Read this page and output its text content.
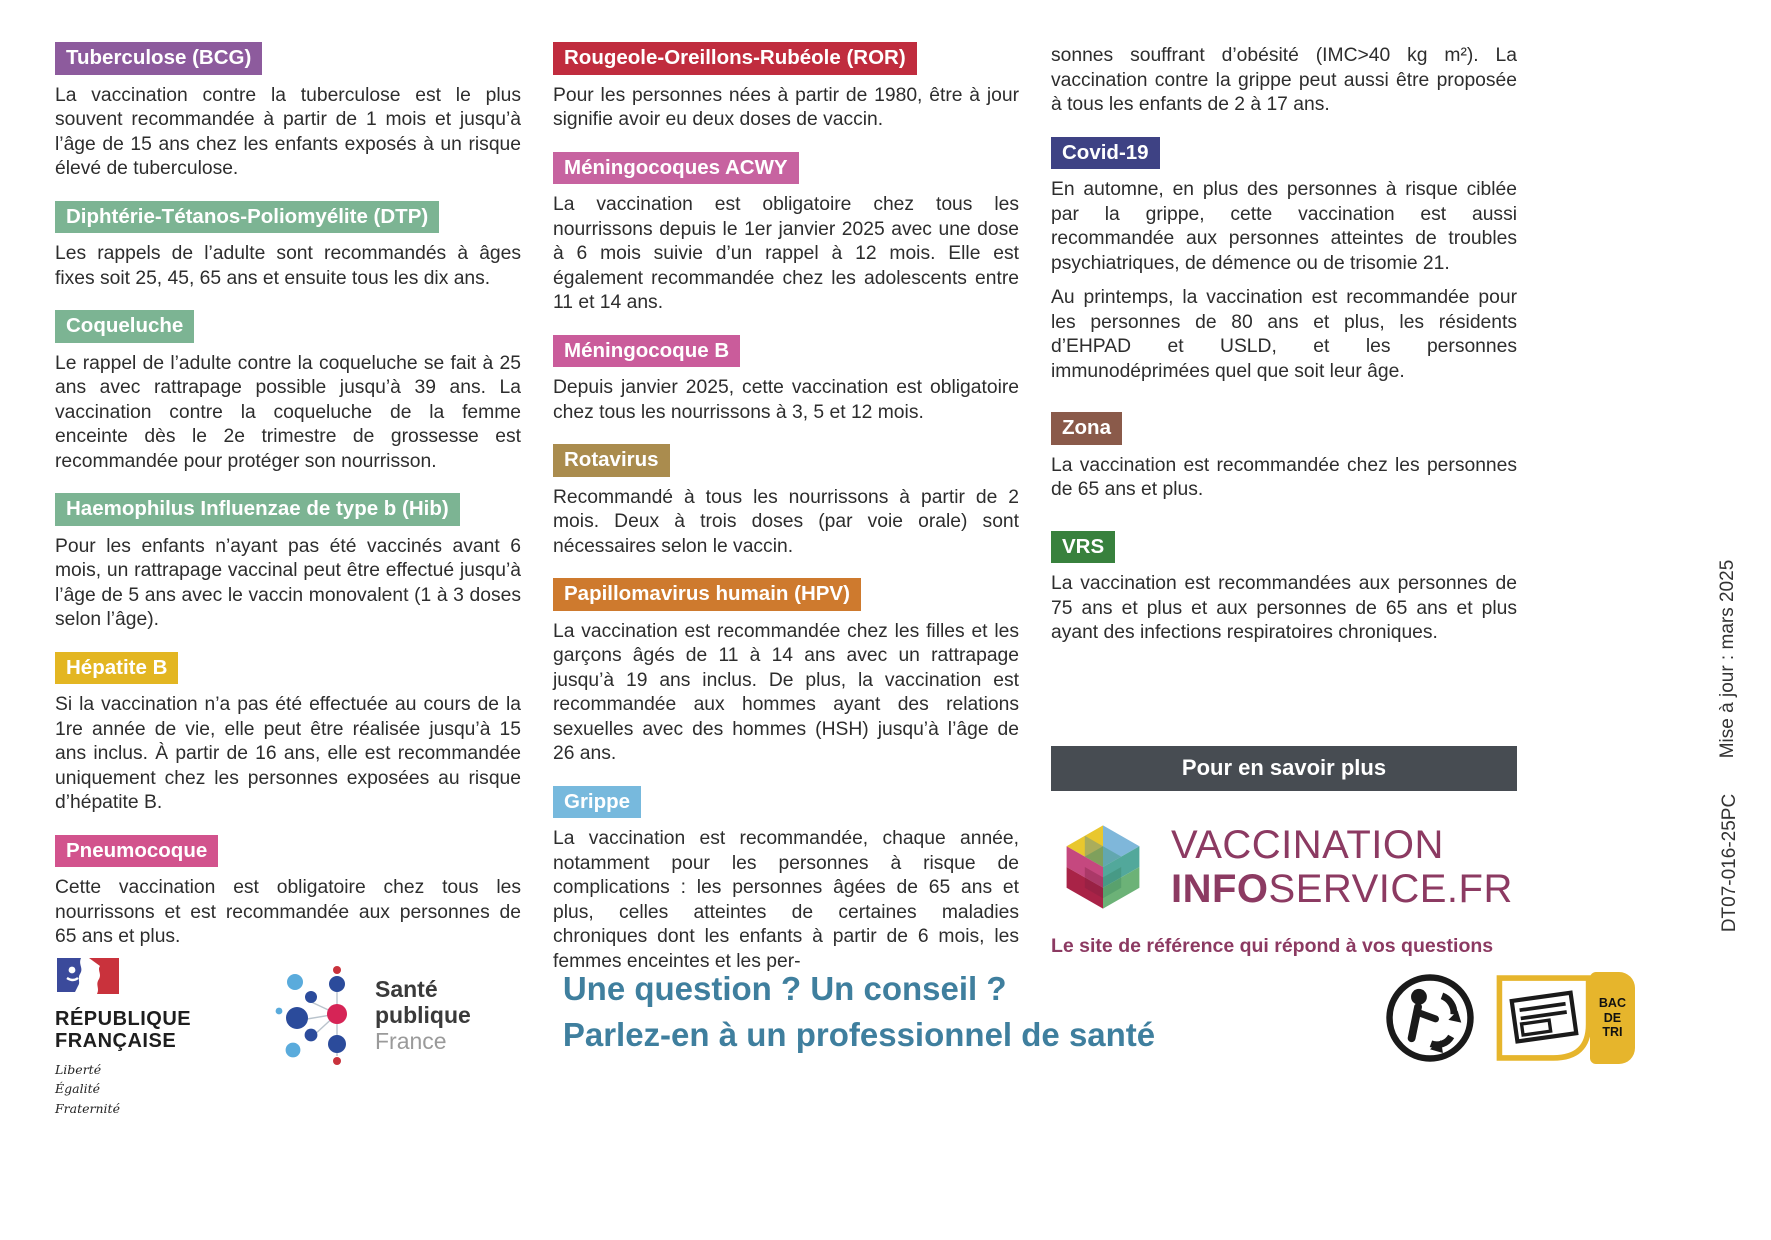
Tuberculose (BCG)

La vaccination contre la tuberculose est le plus souvent recommandée à partir de 1 mois et jusqu’à l’âge de 15 ans chez les enfants exposés à un risque élevé de tuberculose.

Diphtérie-Tétanos-Poliomyélite (DTP)

Les rappels de l’adulte sont recommandés à âges fixes soit 25, 45, 65 ans et ensuite tous les dix ans.

Coqueluche

Le rappel de l’adulte contre la coqueluche se fait à 25 ans avec rattrapage possible jusqu’à 39 ans. La vaccination contre la coqueluche de la femme enceinte dès le 2e trimestre de grossesse est recommandée pour protéger son nourrisson.

Haemophilus Influenzae de type b (Hib)

Pour les enfants n’ayant pas été vaccinés avant 6 mois, un rattrapage vaccinal peut être effectué jusqu’à l’âge de 5 ans avec le vaccin monovalent (1 à 3 doses selon l’âge).

Hépatite B

Si la vaccination n’a pas été effectuée au cours de la 1re année de vie, elle peut être réalisée jusqu’à 15 ans inclus. À partir de 16 ans, elle est recommandée uniquement chez les personnes exposées au risque d’hépatite B.

Pneumocoque

Cette vaccination est obligatoire chez tous les nourrissons et est recommandée aux personnes de 65 ans et plus.

Rougeole-Oreillons-Rubéole (ROR)

Pour les personnes nées à partir de 1980, être à jour signifie avoir eu deux doses de vaccin.

Méningocoques ACWY

La vaccination est obligatoire chez tous les nourrissons depuis le 1er janvier 2025 avec une dose à 6 mois suivie d’un rappel à 12 mois. Elle est également recommandée chez les adolescents entre 11 et 14 ans.

Méningocoque B

Depuis janvier 2025, cette vaccination est obligatoire chez tous les nourrissons à 3, 5 et 12 mois.

Rotavirus

Recommandé à tous les nourrissons à partir de 2 mois. Deux à trois doses (par voie orale) sont nécessaires selon le vaccin.

Papillomavirus humain (HPV)

La vaccination est recommandée chez les filles et les garçons âgés de 11 à 14 ans avec un rattrapage jusqu’à 19 ans inclus. De plus, la vaccination est recommandée aux hommes ayant des relations sexuelles avec des hommes (HSH) jusqu’à l’âge de 26 ans.

Grippe

La vaccination est recommandée, chaque année, notamment pour les personnes à risque de complications : les personnes âgées de 65 ans et plus, celles atteintes de certaines maladies chroniques dont les enfants à partir de 6 mois, les femmes enceintes et les per-

sonnes souffrant d’obésité (IMC>40 kg m²). La vaccination contre la grippe peut aussi être proposée à tous les enfants de 2 à 17 ans.

Covid-19

En automne, en plus des personnes à risque ciblée par la grippe, cette vaccination est aussi recommandée aux personnes atteintes de troubles psychiatriques, de démence ou de trisomie 21.

Au printemps, la vaccination est recommandée pour les personnes de 80 ans et plus, les résidents d’EHPAD et USLD, et les personnes immunodéprimées quel que soit leur âge.

Zona

La vaccination est recommandée chez les personnes de 65 ans et plus.

VRS

La vaccination est recommandées aux personnes de 75 ans et plus et aux personnes de 65 ans et plus ayant des infections respiratoires chroniques.

Pour en savoir plus
VACCINATION
INFOSERVICE.FR
Le site de référence qui répond à vos questions
RÉPUBLIQUE
FRANÇAISE
Liberté
Égalité
Fraternité
Santé
publique
France
Une question ? Un conseil ?
Parlez-en à un professionnel de santé
BAC
DE
TRI
Mise à jour : mars 2025
DT07-016-25PC
